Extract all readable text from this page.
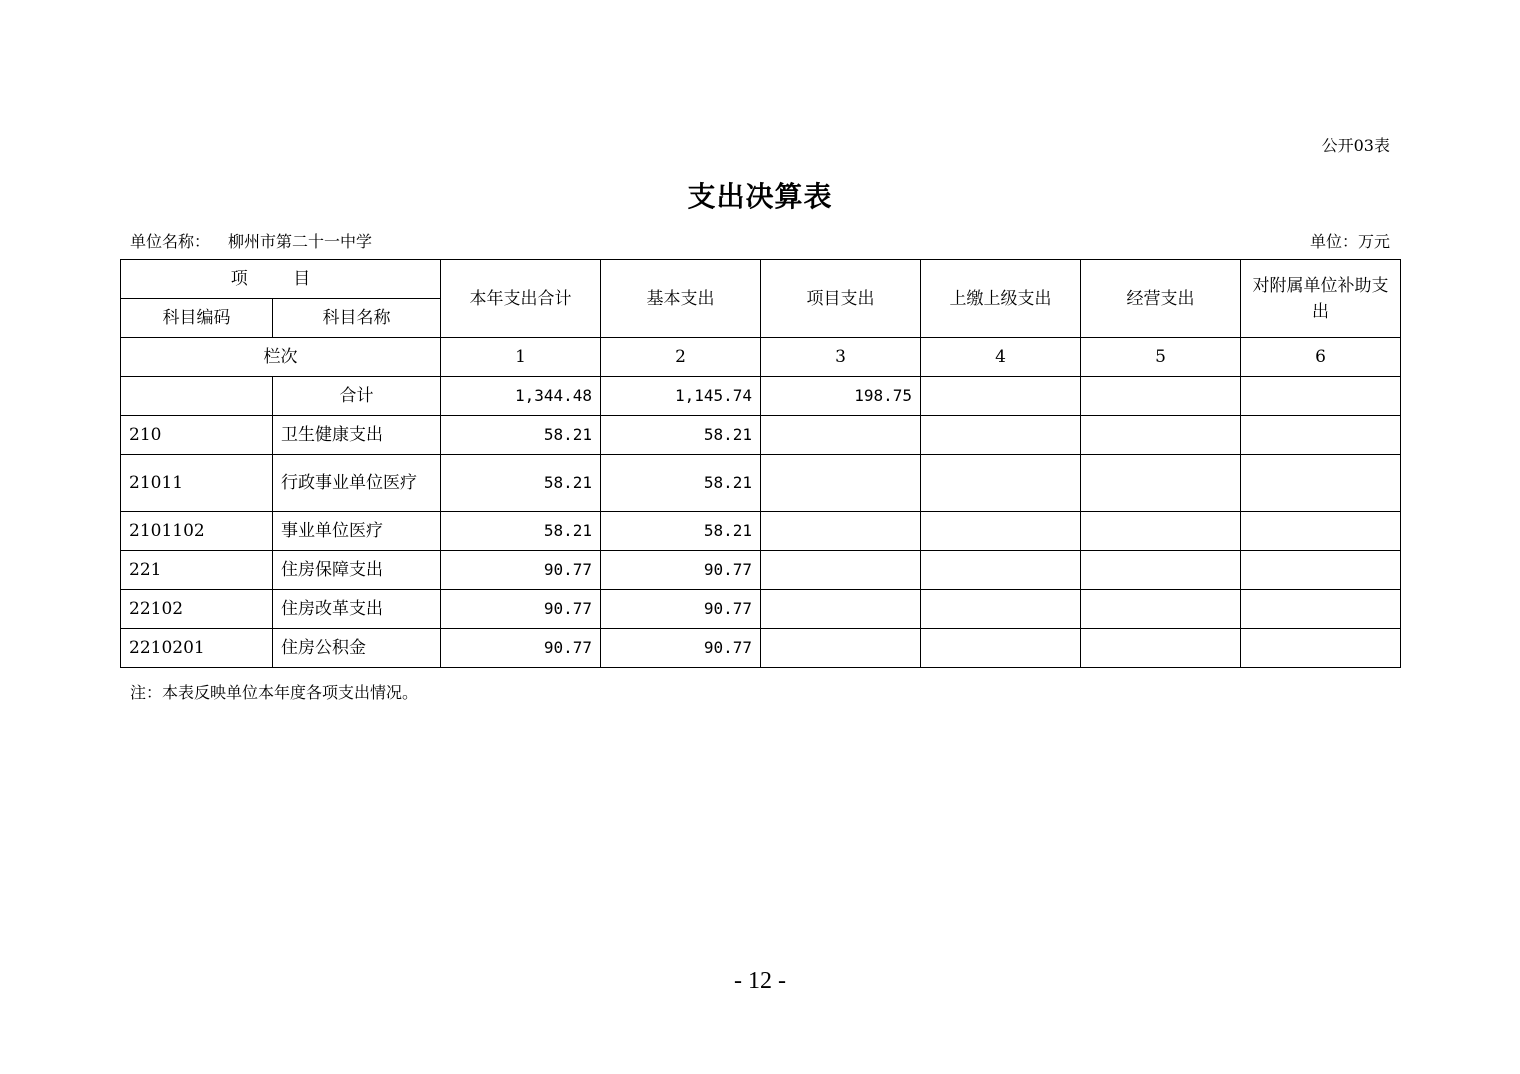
公开03表
支出决算表
单位名称： 柳州市第二十一中学	单位：万元
项 目		本年支出合计	基本支出	项目支出	上缴上级支出	经营支出	对附属单位补助支出
科目编码	科目名称						
栏次		1	2	3	4	5	6
	合计	1,344.48	1,145.74	198.75			
210	卫生健康支出	58.21	58.21				
21011	行政事业单位医疗	58.21	58.21				
2101102	事业单位医疗	58.21	58.21				
221	住房保障支出	90.77	90.77				
22102	住房改革支出	90.77	90.77				
2210201	住房公积金	90.77	90.77				
注：本表反映单位本年度各项支出情况。
- 12 -
